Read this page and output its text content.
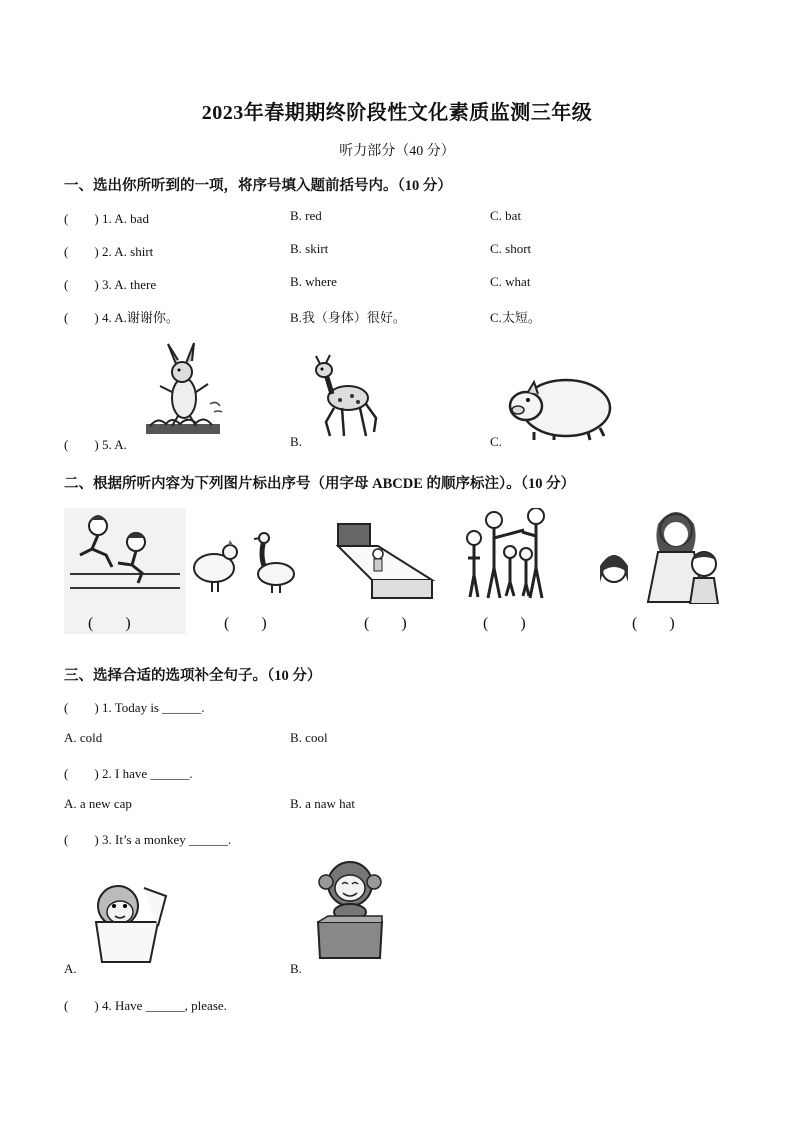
2023年春期期终阶段性文化素质监测三年级
听力部分（40 分）
一、选出你所听到的一项，将序号填入题前括号内。（10 分）
(　　) 1. A. bad	B. red	C. bat
(　　) 2. A. shirt	B. skirt	C. short
(　　) 3. A. there	B. where	C. what
(　　) 4. A.谢谢你。	B.我（身体）很好。	C.太短。
(　　) 5. A.	B.	C.
二、根据所听内容为下列图片标出序号（用字母 ABCDE 的顺序标注）。（10 分）
(　　)	(　　)	(　　)	(　　)	(　　)
三、选择合适的选项补全句子。（10 分）
(　　) 1. Today is ______.
A. cold	B. cool
(　　) 2. I have ______.
A. a new cap	B. a naw hat
(　　) 3. It’s a monkey ______.
A.	B.
(　　) 4. Have ______, please.
